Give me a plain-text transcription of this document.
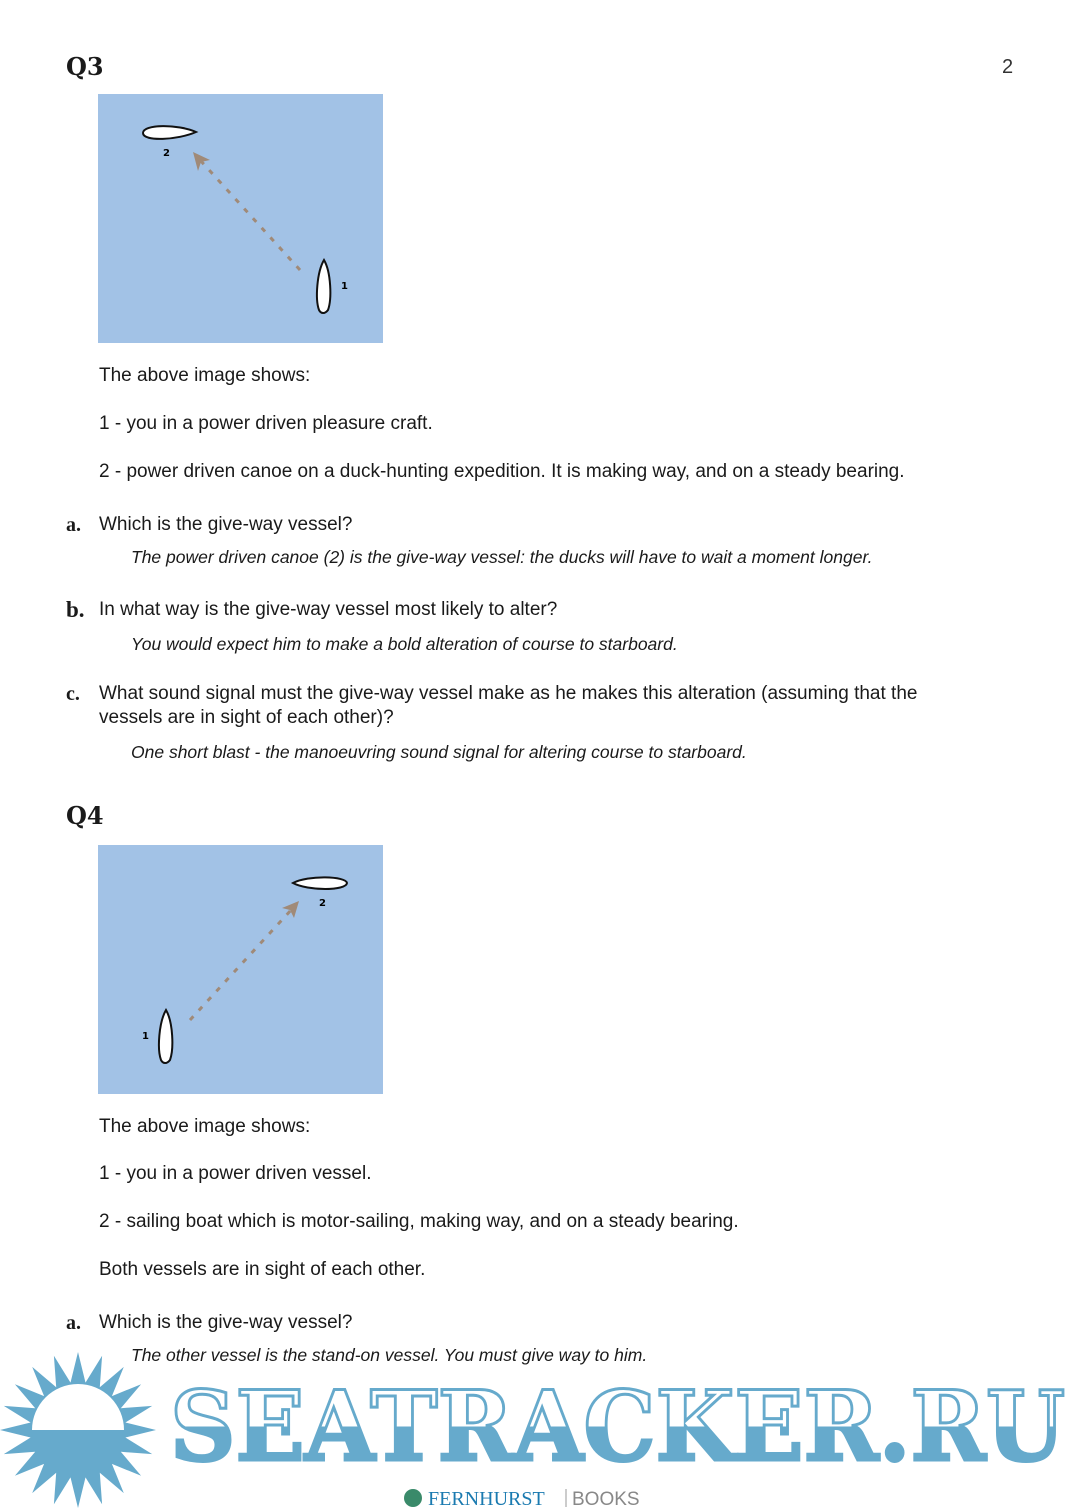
2
Q3
2
1
The above image shows:
1 - you in a power driven pleasure craft.
2 - power driven canoe on a duck-hunting expedition. It is making way, and on a steady bearing.
a. Which is the give-way vessel?
The power driven canoe (2) is the give-way vessel: the ducks will have to wait a moment longer.
b. In what way is the give-way vessel most likely to alter?
You would expect him to make a bold alteration of course to starboard.
c. What sound signal must the give-way vessel make as he makes this alteration (assuming that the
vessels are in sight of each other)?
One short blast - the manoeuvring sound signal for altering course to starboard.
Q4
2
1
The above image shows:
1 - you in a power driven vessel.
2 - sailing boat which is motor-sailing, making way, and on a steady bearing.
Both vessels are in sight of each other.
a. Which is the give-way vessel?
The other vessel is the stand-on vessel. You must give way to him.
SEATRACKER.RU
FERNHURST BOOKS
